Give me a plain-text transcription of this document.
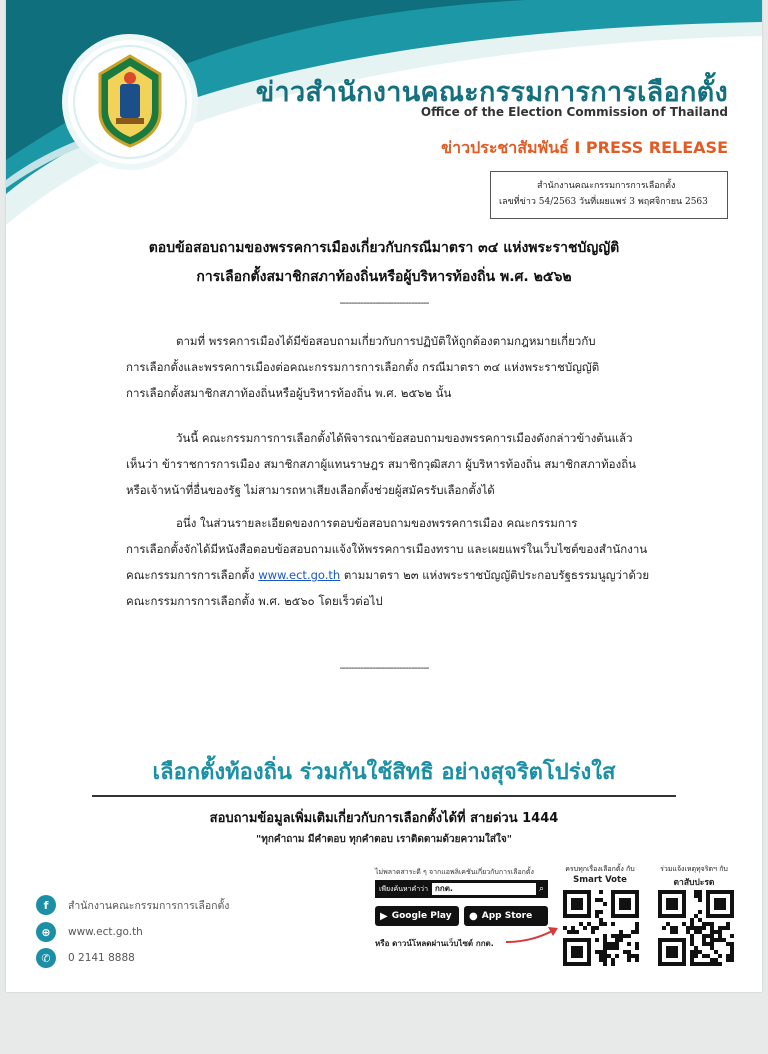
ข่าวสำนักงานคณะกรรมการการเลือกตั้ง
Office of the Election Commission of Thailand
ข่าวประชาสัมพันธ์ I PRESS RELEASE
สำนักงานคณะกรรมการการเลือกตั้ง
เลขที่ข่าว 54/2563 วันที่เผยแพร่ 3 พฤศจิกายน 2563
ตอบข้อสอบถามของพรรคการเมืองเกี่ยวกับกรณีมาตรา ๓๔ แห่งพระราชบัญญัติ
การเลือกตั้งสมาชิกสภาท้องถิ่นหรือผู้บริหารท้องถิ่น พ.ศ. ๒๕๖๒
------------------------------
ตามที่ พรรคการเมืองได้มีข้อสอบถามเกี่ยวกับการปฏิบัติให้ถูกต้องตามกฎหมายเกี่ยวกับ
การเลือกตั้งและพรรคการเมืองต่อคณะกรรมการการเลือกตั้ง กรณีมาตรา ๓๔ แห่งพระราชบัญญัติ
การเลือกตั้งสมาชิกสภาท้องถิ่นหรือผู้บริหารท้องถิ่น พ.ศ. ๒๕๖๒ นั้น
วันนี้ คณะกรรมการการเลือกตั้งได้พิจารณาข้อสอบถามของพรรคการเมืองดังกล่าวข้างต้นแล้ว
เห็นว่า ข้าราชการการเมือง สมาชิกสภาผู้แทนราษฎร สมาชิกวุฒิสภา ผู้บริหารท้องถิ่น สมาชิกสภาท้องถิ่น
หรือเจ้าหน้าที่อื่นของรัฐ ไม่สามารถหาเสียงเลือกตั้งช่วยผู้สมัครรับเลือกตั้งได้
อนึ่ง ในส่วนรายละเอียดของการตอบข้อสอบถามของพรรคการเมือง คณะกรรมการ
การเลือกตั้งจักได้มีหนังสือตอบข้อสอบถามแจ้งให้พรรคการเมืองทราบ และเผยแพร่ในเว็บไซต์ของสำนักงาน
คณะกรรมการการเลือกตั้ง www.ect.go.th ตามมาตรา ๒๓ แห่งพระราชบัญญัติประกอบรัฐธรรมนูญว่าด้วย
คณะกรรมการการเลือกตั้ง พ.ศ. ๒๕๖๐ โดยเร็วต่อไป
------------------------------
เลือกตั้งท้องถิ่น ร่วมกันใช้สิทธิ อย่างสุจริตโปร่งใส
สอบถามข้อมูลเพิ่มเติมเกี่ยวกับการเลือกตั้งได้ที่ สายด่วน 1444
"ทุกคำถาม มีคำตอบ ทุกคำตอบ เราติดตามด้วยความใส่ใจ"
f	สำนักงานคณะกรรมการการเลือกตั้ง
⊕	www.ect.go.th
✆	0 2141 8888
ไม่พลาดสาระดี ๆ จากแอพลิเคชันเกี่ยวกับการเลือกตั้ง
เพียงค้นหาคำว่า กกต.	⌕
▶ Google Play ● App Store
หรือ ดาวน์โหลดผ่านเว็บไซต์ กกต.
ครบทุกเรื่องเลือกตั้ง กับ
Smart Vote
ร่วมแจ้งเหตุทุจริตฯ กับ
ตาสับปะรด
